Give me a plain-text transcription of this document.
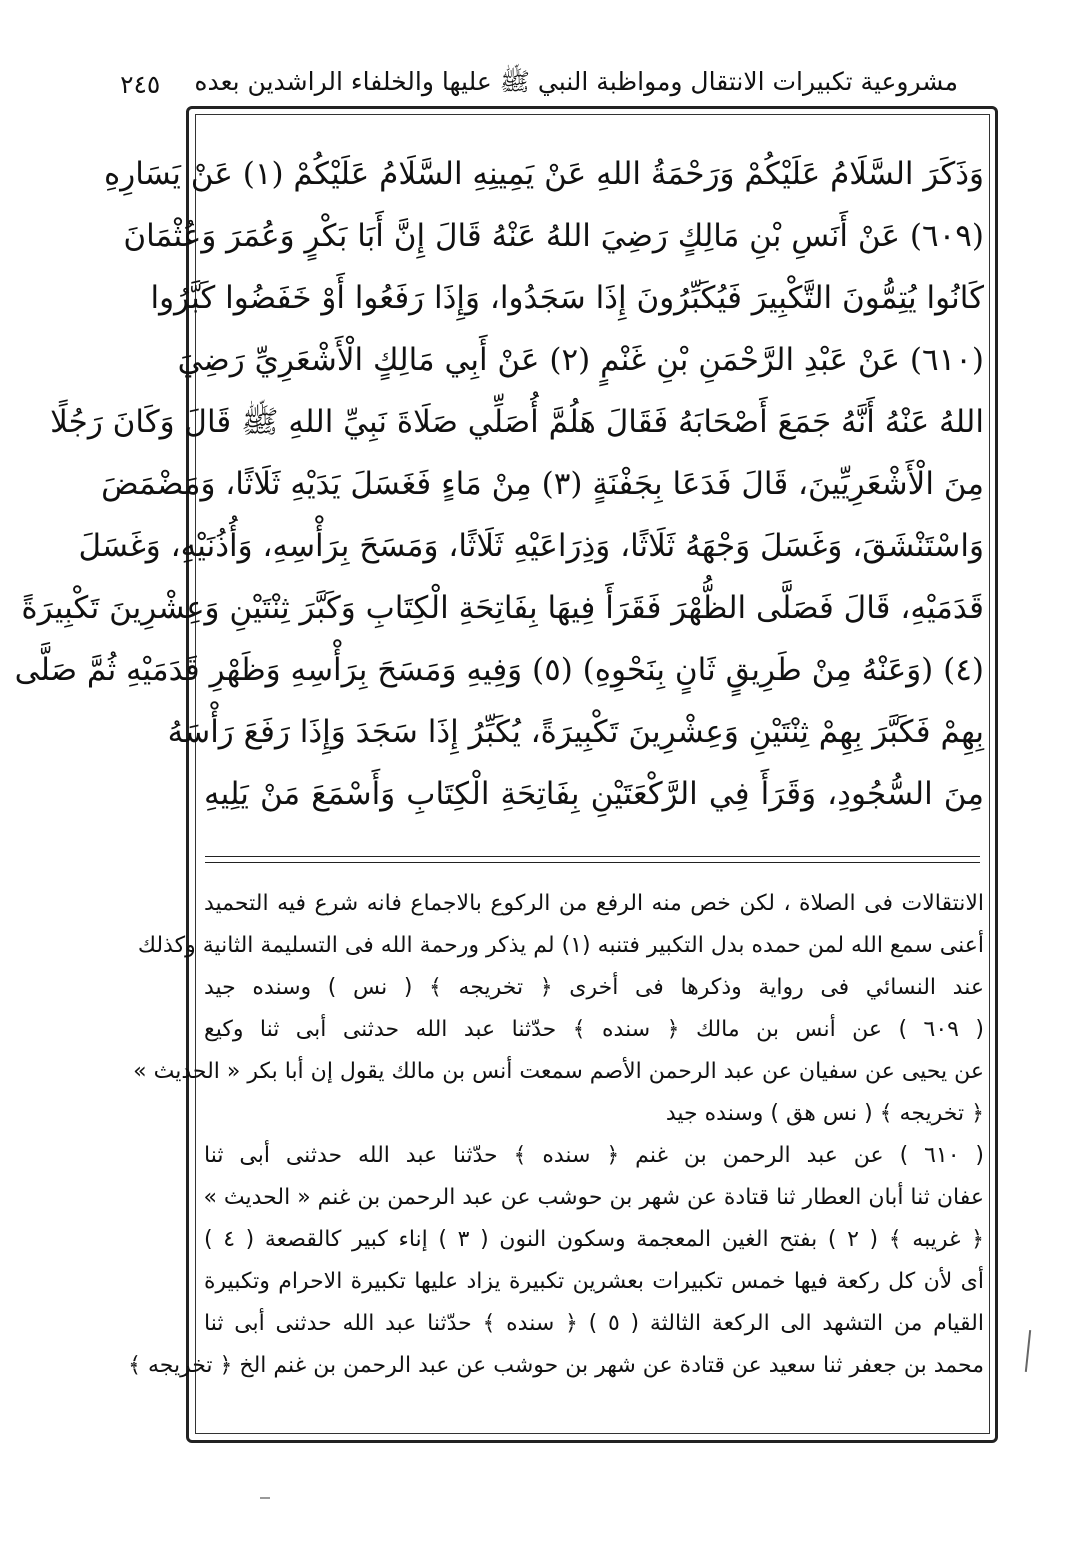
مشروعية تكبيرات الانتقال ومواظبة النبي ﷺ عليها والخلفاء الراشدين بعده
٢٤٥
وَذَكَرَ السَّلَامُ عَلَيْكُمْ وَرَحْمَةُ اللهِ عَنْ يَمِينِهِ السَّلَامُ عَلَيْكُمْ (١) عَنْ يَسَارِهِ
(٦٠٩) عَنْ أَنَسِ بْنِ مَالِكٍ رَضِيَ اللهُ عَنْهُ قَالَ إِنَّ أَبَا بَكْرٍ وَعُمَرَ وَعُثْمَانَ
كَانُوا يُتِمُّونَ التَّكْبِيرَ فَيُكَبِّرُونَ إِذَا سَجَدُوا، وَإِذَا رَفَعُوا أَوْ خَفَضُوا كَبَّرُوا
(٦١٠) عَنْ عَبْدِ الرَّحْمَنِ بْنِ غَنْمٍ (٢) عَنْ أَبِي مَالِكٍ الْأَشْعَرِيِّ رَضِيَ
اللهُ عَنْهُ أَنَّهُ جَمَعَ أَصْحَابَهُ فَقَالَ هَلُمَّ أُصَلِّي صَلَاةَ نَبِيِّ اللهِ ﷺ قَالَ وَكَانَ رَجُلًا
مِنَ الْأَشْعَرِيِّينَ، قَالَ فَدَعَا بِجَفْنَةٍ (٣) مِنْ مَاءٍ فَغَسَلَ يَدَيْهِ ثَلَاثًا، وَمَضْمَضَ
وَاسْتَنْشَقَ، وَغَسَلَ وَجْهَهُ ثَلَاثًا، وَذِرَاعَيْهِ ثَلَاثًا، وَمَسَحَ بِرَأْسِهِ، وَأُذُنَيْهِ، وَغَسَلَ
قَدَمَيْهِ، قَالَ فَصَلَّى الظُّهْرَ فَقَرَأَ فِيهَا بِفَاتِحَةِ الْكِتَابِ وَكَبَّرَ ثِنْتَيْنِ وَعِشْرِينَ تَكْبِيرَةً
(٤) (وَعَنْهُ مِنْ طَرِيقٍ ثَانٍ بِنَحْوِهِ) (٥) وَفِيهِ وَمَسَحَ بِرَأْسِهِ وَظَهْرِ قَدَمَيْهِ ثُمَّ صَلَّى
بِهِمْ فَكَبَّرَ بِهِمْ ثِنْتَيْنِ وَعِشْرِينَ تَكْبِيرَةً، يُكَبِّرُ إِذَا سَجَدَ وَإِذَا رَفَعَ رَأْسَهُ
مِنَ السُّجُودِ، وَقَرَأَ فِي الرَّكْعَتَيْنِ بِفَاتِحَةِ الْكِتَابِ وَأَسْمَعَ مَنْ يَلِيهِ
الانتقالات فى الصلاة ، لكن خص منه الرفع من الركوع بالاجماع فانه شرع فيه التحميد
أعنى سمع الله لمن حمده بدل التكبير فتنبه (١) لم يذكر ورحمة الله فى التسليمة الثانية وكذلك
عند النسائي فى رواية وذكرها فى أخرى ﴿ تخريجه ﴾ ( نس ) وسنده جيد
( ٦٠٩ ) عن أنس بن مالك ﴿ سنده ﴾ حدّثنا عبد الله حدثنى أبى ثنا وكيع
عن يحيى عن سفيان عن عبد الرحمن الأصم سمعت أنس بن مالك يقول إن أبا بكر « الحديث »
﴿ تخريجه ﴾ ( نس هق ) وسنده جيد
( ٦١٠ ) عن عبد الرحمن بن غنم ﴿ سنده ﴾ حدّثنا عبد الله حدثنى أبى ثنا
عفان ثنا أبان العطار ثنا قتادة عن شهر بن حوشب عن عبد الرحمن بن غنم « الحديث »
﴿ غريبه ﴾ ( ٢ ) بفتح الغين المعجمة وسكون النون ( ٣ ) إناء كبير كالقصعة ( ٤ )
أى لأن كل ركعة فيها خمس تكبيرات بعشرين تكبيرة يزاد عليها تكبيرة الاحرام وتكبيرة
القيام من التشهد الى الركعة الثالثة ( ٥ ) ﴿ سنده ﴾ حدّثنا عبد الله حدثنى أبى ثنا
محمد بن جعفر ثنا سعيد عن قتادة عن شهر بن حوشب عن عبد الرحمن بن غنم الخ ﴿ تخريجه ﴾
